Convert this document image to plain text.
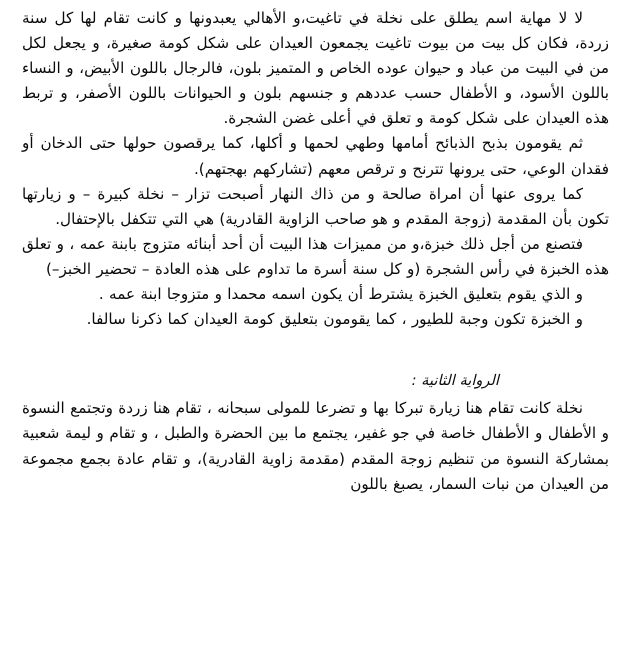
لا لا مهاية اسم يطلق على نخلة في تاغيت،و الأهالي يعبدونها و كانت تقام لها كل سنة زردة، فكان كل بيت من بيوت تاغيت يجمعون العيدان على شكل كومة صغيرة، و يجعل لكل من في البيت من عباد و حيوان عوده الخاص و المتميز بلون، فالرجال باللون الأبيض، و النساء باللون الأسود، و الأطفال حسب عددهم و جنسهم بلون و الحيوانات باللون الأصفر، و تربط هذه العيدان على شكل كومة و تعلق في أعلى غضن الشجرة.

ثم يقومون بذبح الذبائح أمامها وطهي لحمها و أكلها، كما يرقصون حولها حتى الدخان أو فقدان الوعي، حتى يرونها تترنح و ترقص معهم (تشاركهم بهجتهم).

كما يروى عنها أن امراة صالحة و من ذاك النهار أصبحت تزار – نخلة كبيرة – و زيارتها تكون بأن المقدمة (زوجة المقدم و هو صاحب الزاوية القادرية) هي التي تتكفل بالإحتفال.

فتصنع من أجل ذلك خبزة،و من مميزات هذا البيت أن أحد أبنائه متزوج بابنة عمه ، و تعلق هذه الخبزة في رأس الشجرة (و كل سنة أسرة ما تداوم على هذه العادة – تحضير الخبز–)

و الذي يقوم بتعليق الخبزة يشترط أن يكون اسمه محمدا و متزوجا ابنة عمه .

و الخبزة تكون وجبة للطيور ، كما يقومون بتعليق كومة العيدان كما ذكرنا سالفا.

الرواية الثانية :

نخلة كانت تقام هنا زيارة تبركا بها و تضرعا للمولى سبحانه ، تقام هنا زردة وتجتمع النسوة و الأطفال و الأطفال خاصة في جو غفير، يجتمع ما بين الحضرة والطبل ، و تقام و ليمة شعبية بمشاركة النسوة من تنظيم زوجة المقدم (مقدمة زاوية القادرية)، و تقام عادة بجمع مجموعة من العيدان من نبات السمار، يصبغ باللون
